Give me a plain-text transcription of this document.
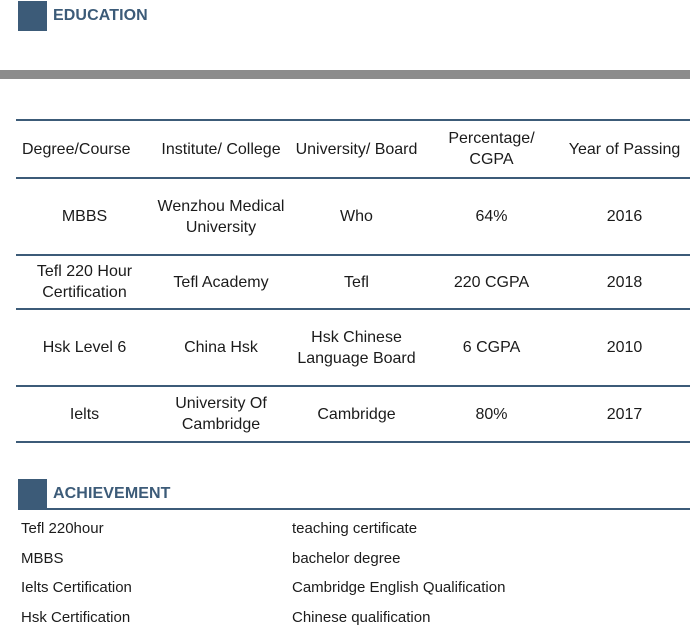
EDUCATION
Degree/Course	Institute/ College	University/ Board	Percentage/ CGPA	Year of Passing
MBBS	Wenzhou Medical University	Who	64%	2016
Tefl 220 Hour Certification	Tefl Academy	Tefl	220 CGPA	2018
Hsk Level 6	China Hsk	Hsk Chinese Language Board	6 CGPA	2010
Ielts	University Of Cambridge	Cambridge	80%	2017
ACHIEVEMENT
Tefl 220hour	teaching certificate
MBBS	bachelor degree
Ielts Certification	Cambridge English Qualification
Hsk Certification	Chinese qualification
